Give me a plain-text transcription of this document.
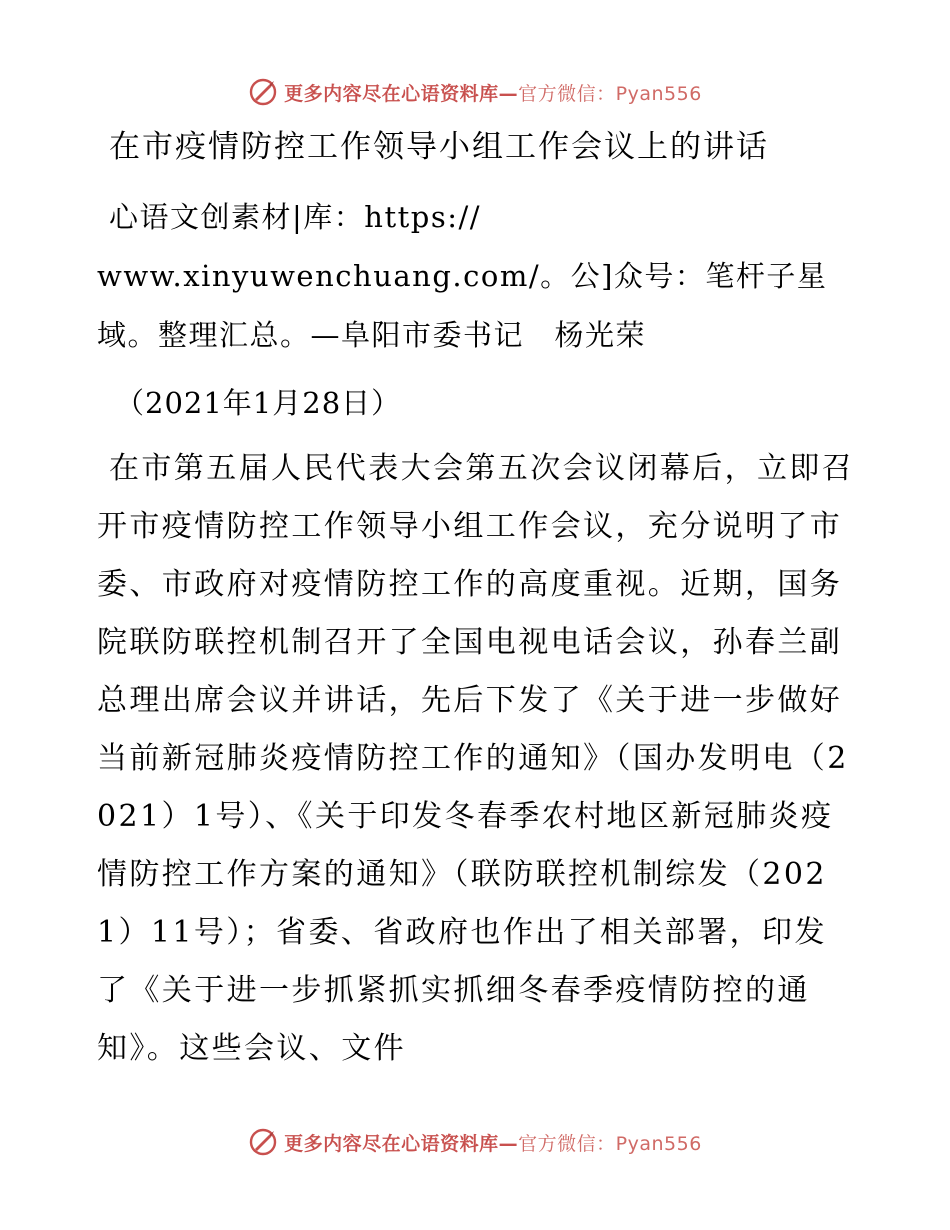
更多内容尽在心语资料库—官方微信：Pyan556
在市疫情防控工作领导小组工作会议上的讲话
心语文创素材|库：https://
www.xinyuwenchuang.com/。公]众号：笔杆子星域。整理汇总。—阜阳市委书记　杨光荣
（2021年1月28日）
在市第五届人民代表大会第五次会议闭幕后，立即召开市疫情防控工作领导小组工作会议，充分说明了市委、市政府对疫情防控工作的高度重视。近期，国务院联防联控机制召开了全国电视电话会议，孙春兰副总理出席会议并讲话，先后下发了《关于进一步做好当前新冠肺炎疫情防控工作的通知》（国办发明电（2021）1号）、《关于印发冬春季农村地区新冠肺炎疫情防控工作方案的通知》（联防联控机制综发（2021）11号）；省委、省政府也作出了相关部署，印发了《关于进一步抓紧抓实抓细冬春季疫情防控的通知》。这些会议、文件
更多内容尽在心语资料库—官方微信：Pyan556
